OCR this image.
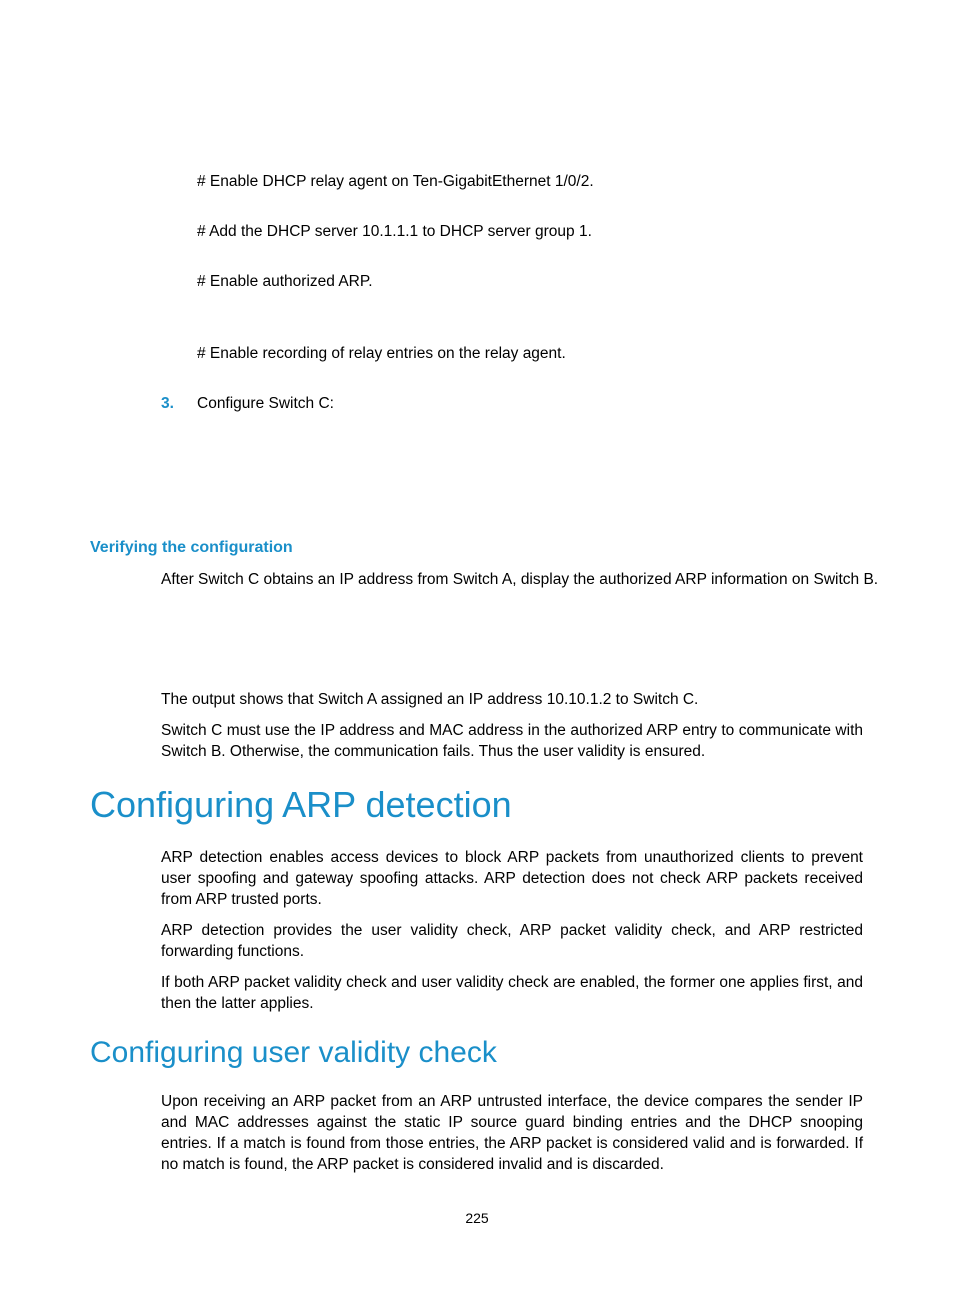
# Enable DHCP relay agent on Ten-GigabitEthernet 1/0/2.
# Add the DHCP server 10.1.1.1 to DHCP server group 1.
# Enable authorized ARP.
# Enable recording of relay entries on the relay agent.
3. Configure Switch C:
Verifying the configuration
After Switch C obtains an IP address from Switch A, display the authorized ARP information on Switch B.
The output shows that Switch A assigned an IP address 10.10.1.2 to Switch C.
Switch C must use the IP address and MAC address in the authorized ARP entry to communicate with Switch B. Otherwise, the communication fails. Thus the user validity is ensured.
Configuring ARP detection
ARP detection enables access devices to block ARP packets from unauthorized clients to prevent user spoofing and gateway spoofing attacks. ARP detection does not check ARP packets received from ARP trusted ports.
ARP detection provides the user validity check, ARP packet validity check, and ARP restricted forwarding functions.
If both ARP packet validity check and user validity check are enabled, the former one applies first, and then the latter applies.
Configuring user validity check
Upon receiving an ARP packet from an ARP untrusted interface, the device compares the sender IP and MAC addresses against the static IP source guard binding entries and the DHCP snooping entries. If a match is found from those entries, the ARP packet is considered valid and is forwarded. If no match is found, the ARP packet is considered invalid and is discarded.
225
